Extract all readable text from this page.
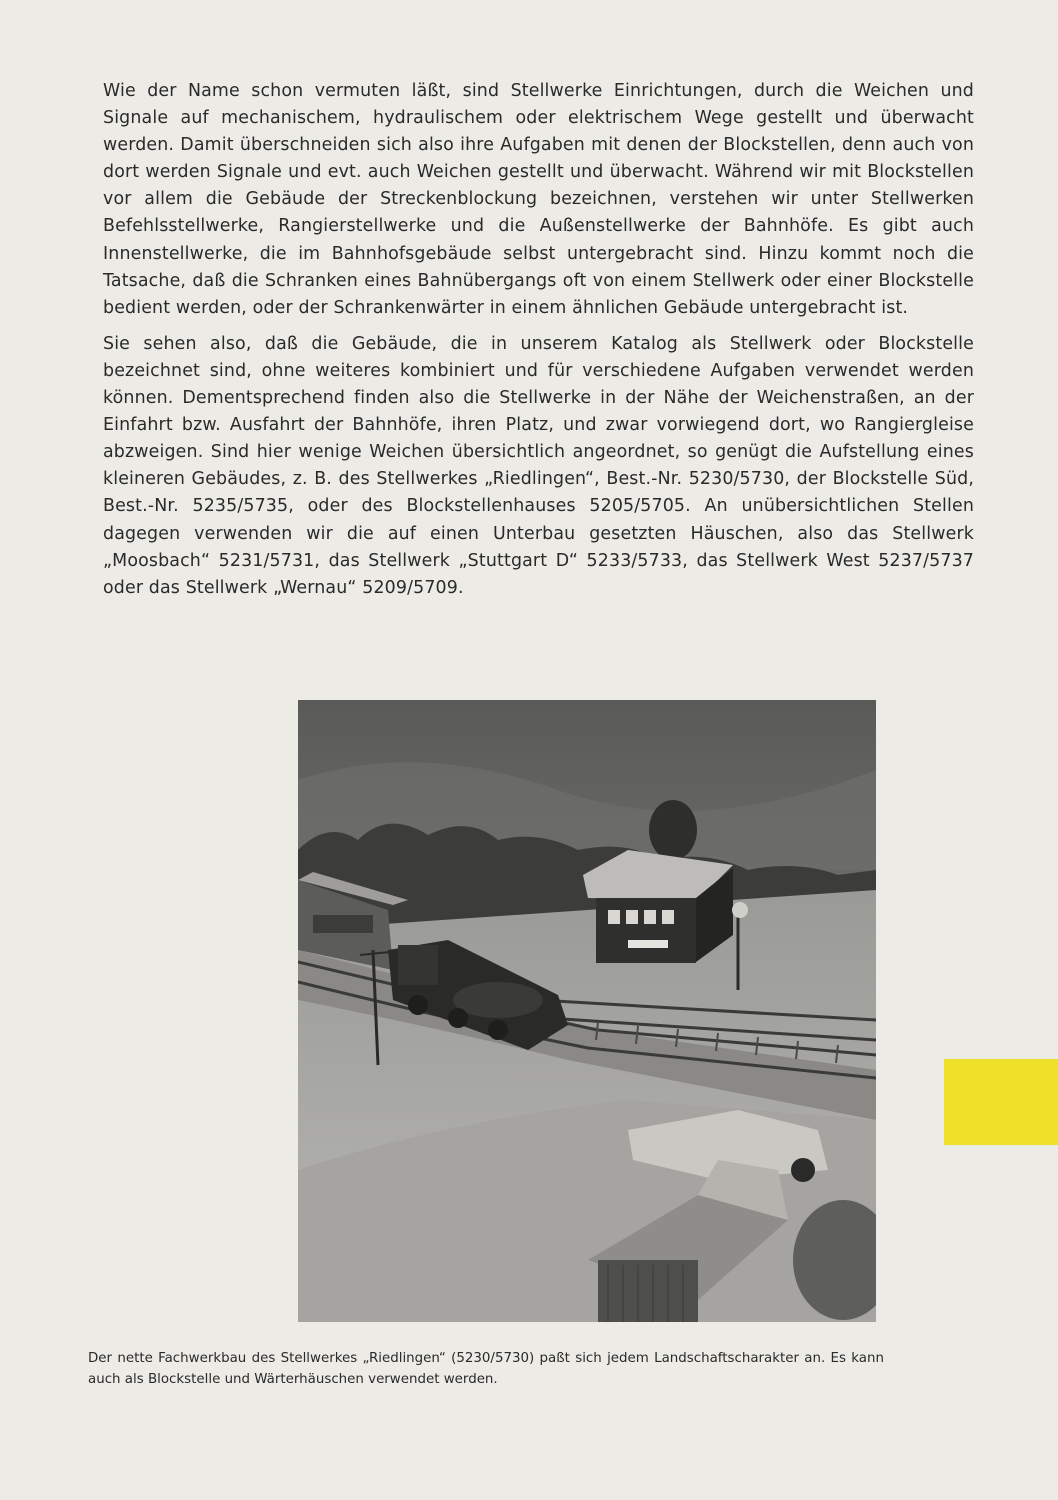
Wie der Name schon vermuten läßt, sind Stellwerke Einrichtungen, durch die Weichen und Signale auf mechanischem, hydraulischem oder elektrischem Wege gestellt und überwacht werden. Damit überschneiden sich also ihre Aufgaben mit denen der Blockstellen, denn auch von dort werden Signale und evt. auch Weichen gestellt und überwacht. Während wir mit Blockstellen vor allem die Gebäude der Streckenblockung bezeichnen, verstehen wir unter Stellwerken Befehlsstellwerke, Rangierstellwerke und die Außenstellwerke der Bahnhöfe. Es gibt auch Innenstellwerke, die im Bahnhofsgebäude selbst untergebracht sind. Hinzu kommt noch die Tatsache, daß die Schranken eines Bahnübergangs oft von einem Stellwerk oder einer Blockstelle bedient werden, oder der Schrankenwärter in einem ähnlichen Gebäude untergebracht ist.

Sie sehen also, daß die Gebäude, die in unserem Katalog als Stellwerk oder Blockstelle bezeichnet sind, ohne weiteres kombiniert und für verschiedene Aufgaben verwendet werden können. Dementsprechend finden also die Stellwerke in der Nähe der Weichenstraßen, an der Einfahrt bzw. Ausfahrt der Bahnhöfe, ihren Platz, und zwar vorwiegend dort, wo Rangiergleise abzweigen. Sind hier wenige Weichen übersichtlich angeordnet, so genügt die Aufstellung eines kleineren Gebäudes, z. B. des Stellwerkes „Riedlingen“, Best.-Nr. 5230/5730, der Blockstelle Süd, Best.-Nr. 5235/5735, oder des Blockstellenhauses 5205/5705. An unübersichtlichen Stellen dagegen verwenden wir die auf einen Unterbau gesetzten Häuschen, also das Stellwerk „Moosbach“ 5231/5731, das Stellwerk „Stuttgart D“ 5233/5733, das Stellwerk West 5237/5737 oder das Stellwerk „Wernau“ 5209/5709.

Der nette Fachwerkbau des Stellwerkes „Riedlingen“ (5230/5730) paßt sich jedem Landschaftscharakter an. Es kann auch als Blockstelle und Wärterhäuschen verwendet werden.
